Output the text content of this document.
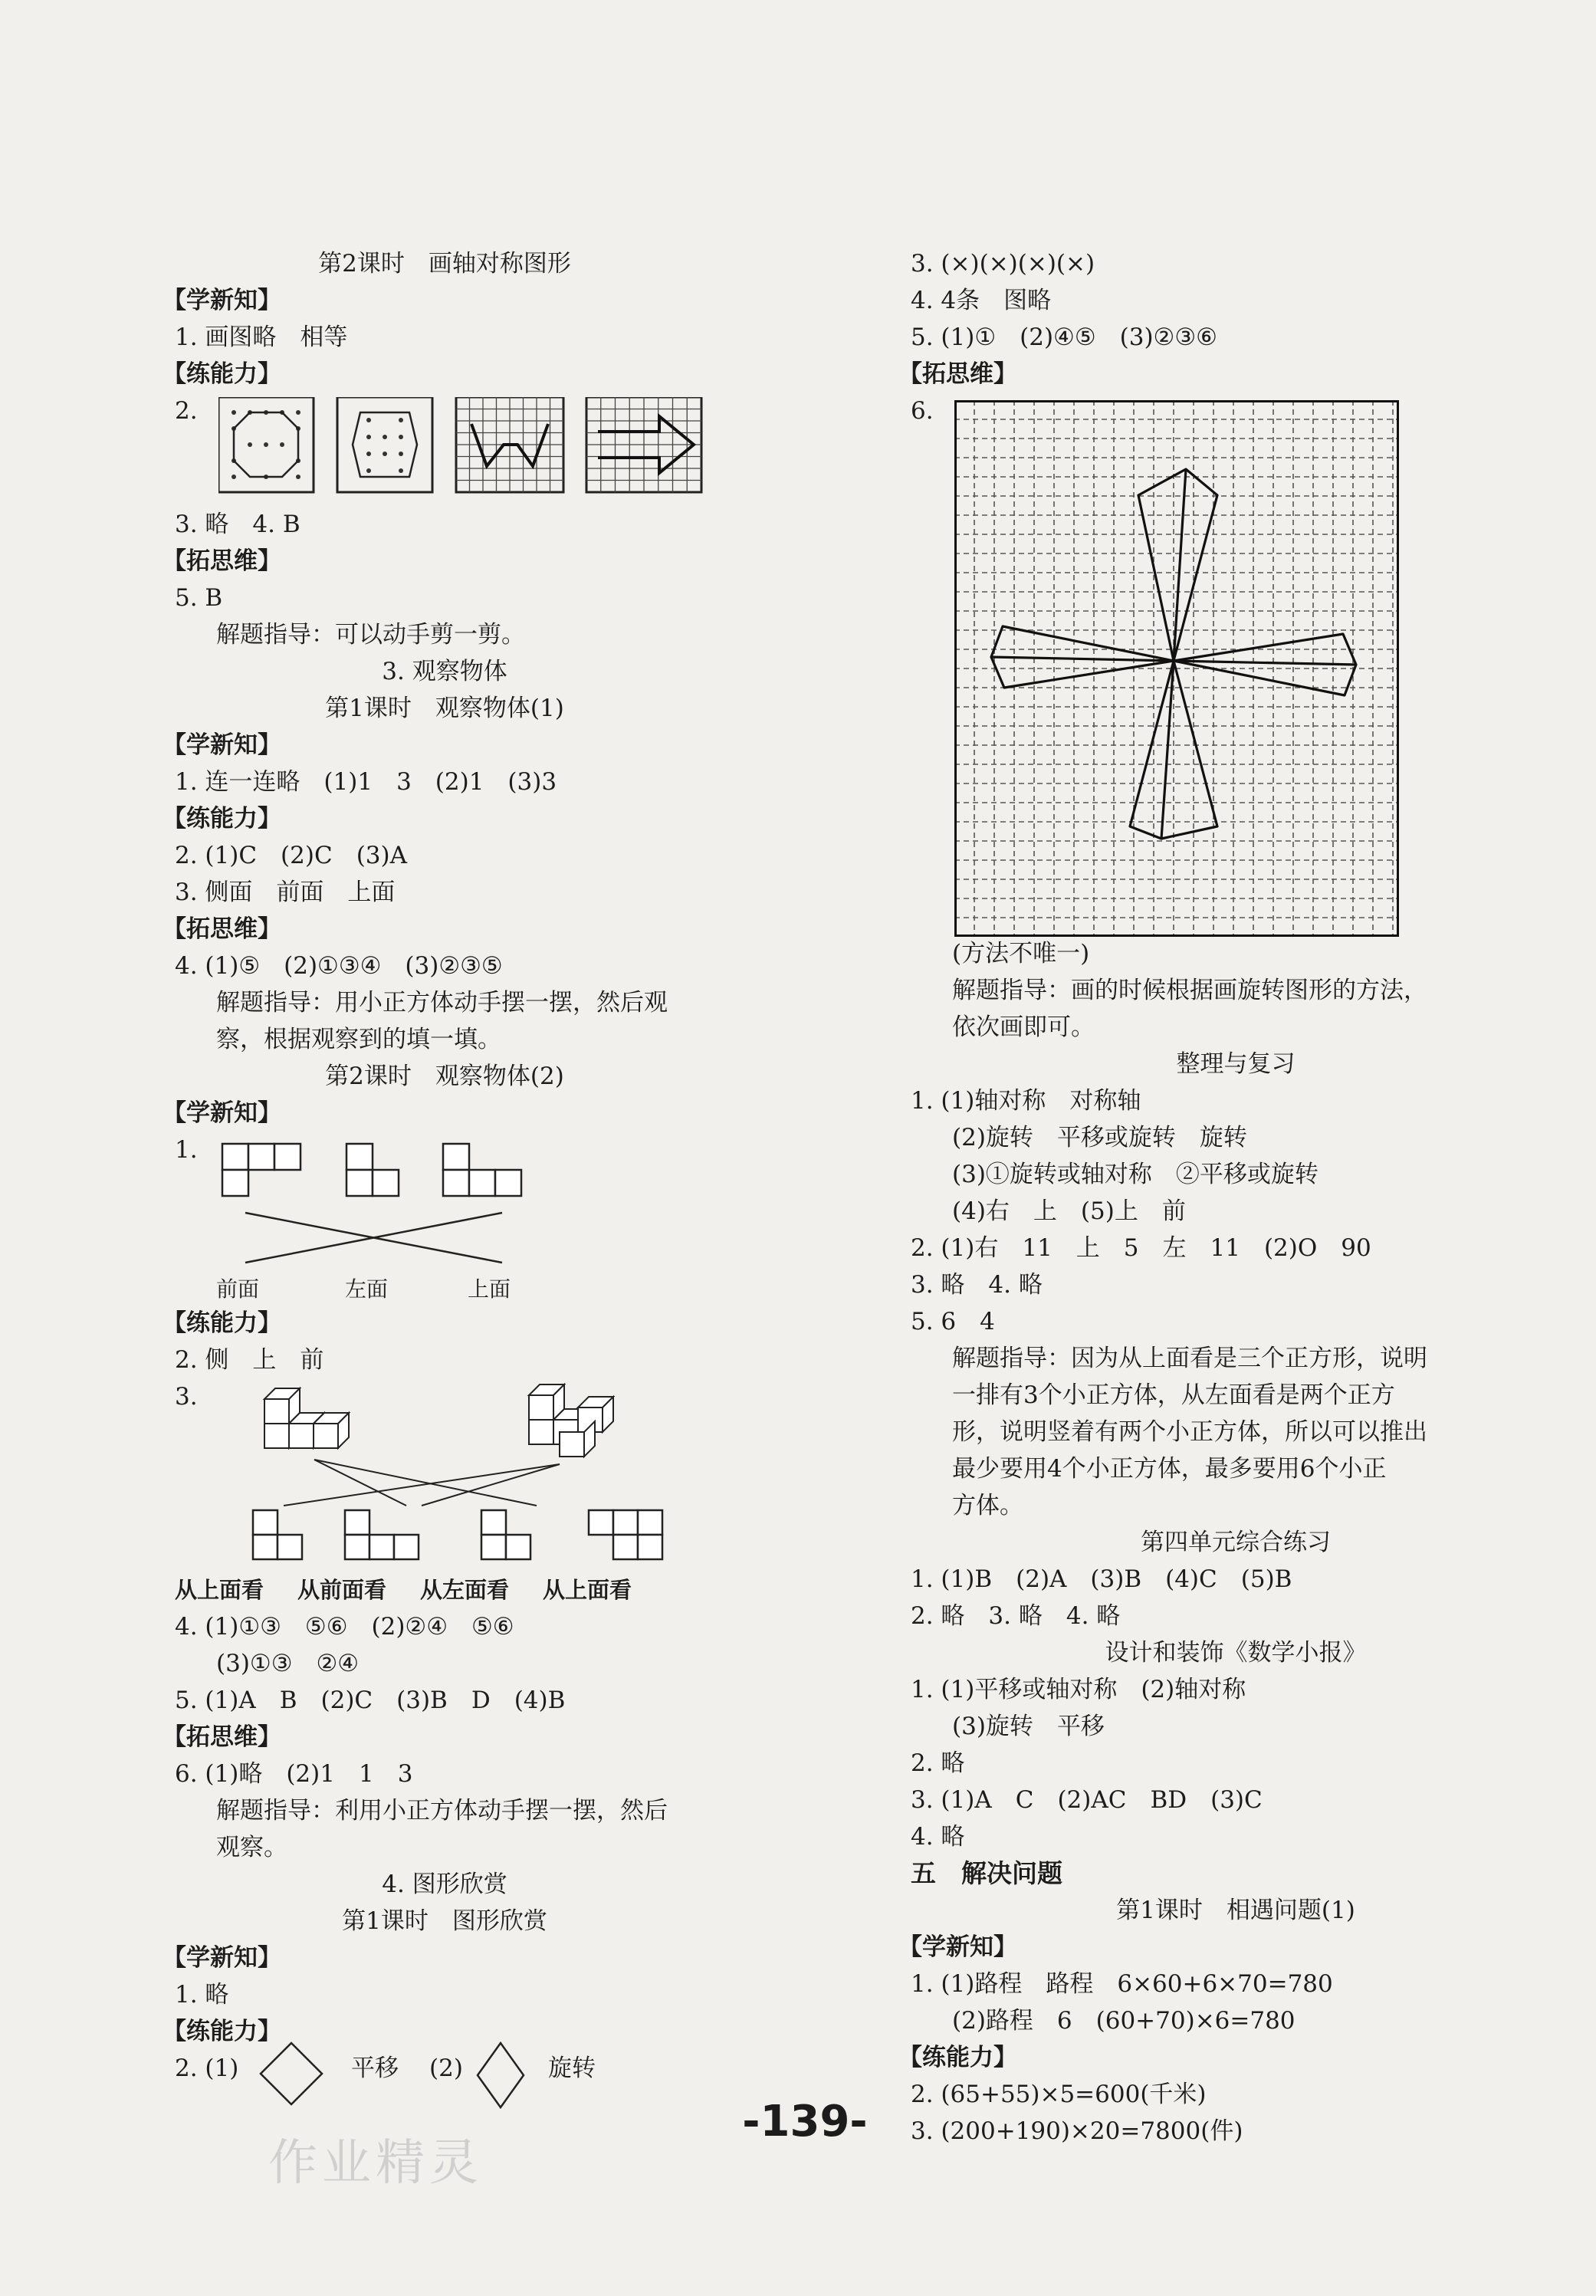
第2课时　画轴对称图形
【学新知】
1. 画图略　相等
【练能力】
2.
3. 略　4. B
【拓思维】
5. B
解题指导：可以动手剪一剪。
3. 观察物体
第1课时　观察物体(1)
【学新知】
1. 连一连略　(1)1　3　(2)1　(3)3
【练能力】
2. (1)C　(2)C　(3)A
3. 侧面　前面　上面
【拓思维】
4. (1)⑤　(2)①③④　(3)②③⑤
解题指导：用小正方体动手摆一摆，然后观
察，根据观察到的填一填。
第2课时　观察物体(2)
【学新知】
1.
前面	左面	上面
【练能力】
2. 侧　上　前
3.
从上面看 从前面看 从左面看 从上面看
4. (1)①③　⑤⑥　(2)②④　⑤⑥
(3)①③　②④
5. (1)A　B　(2)C　(3)B　D　(4)B
【拓思维】
6. (1)略　(2)1　1　3
解题指导：利用小正方体动手摆一摆，然后
观察。
4. 图形欣赏
第1课时　图形欣赏
【学新知】
1. 略
【练能力】
2. (1)	平移 (2)	旋转
3. (×)(×)(×)(×)
4. 4条　图略
5. (1)①　(2)④⑤　(3)②③⑥
【拓思维】
6.
(方法不唯一)
解题指导：画的时候根据画旋转图形的方法，
依次画即可。
整理与复习
1. (1)轴对称　对称轴
(2)旋转　平移或旋转　旋转
(3)①旋转或轴对称　②平移或旋转
(4)右　上　(5)上　前
2. (1)右　11　上　5　左　11　(2)O　90
3. 略　4. 略
5. 6　4
解题指导：因为从上面看是三个正方形，说明
一排有3个小正方体，从左面看是两个正方
形，说明竖着有两个小正方体，所以可以推出
最少要用4个小正方体，最多要用6个小正
方体。
第四单元综合练习
1. (1)B　(2)A　(3)B　(4)C　(5)B
2. 略　3. 略　4. 略
设计和装饰《数学小报》
1. (1)平移或轴对称　(2)轴对称
(3)旋转　平移
2. 略
3. (1)A　C　(2)AC　BD　(3)C
4. 略
五　解决问题
第1课时　相遇问题(1)
【学新知】
1. (1)路程　路程　6×60+6×70=780
(2)路程　6　(60+70)×6=780
【练能力】
2. (65+55)×5=600(千米)
3. (200+190)×20=7800(件)
-139-
作业精灵
